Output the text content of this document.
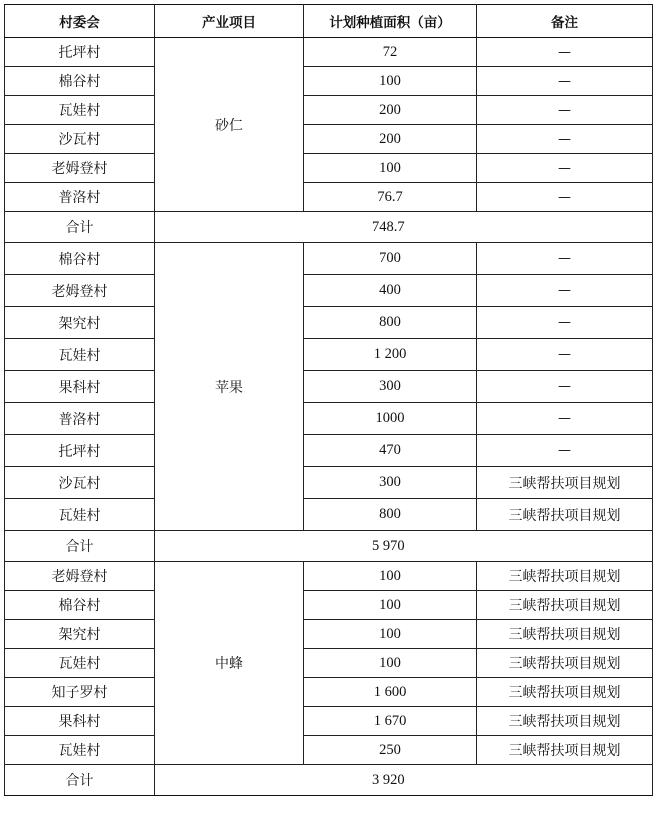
村委会	产业项目	计划种植面积（亩）	备注
托坪村	砂仁	72	—
棉谷村		100	—
瓦娃村		200	—
沙瓦村		200	—
老姆登村		100	—
普洛村		76.7	—
合计	748.7		
棉谷村	苹果	700	—
老姆登村		400	—
架究村		800	—
瓦娃村		1 200	—
果科村		300	—
普洛村		1000	—
托坪村		470	—
沙瓦村		300	三峡帮扶项目规划
瓦娃村		800	三峡帮扶项目规划
合计	5 970		
老姆登村	中蜂	100	三峡帮扶项目规划
棉谷村		100	三峡帮扶项目规划
架究村		100	三峡帮扶项目规划
瓦娃村		100	三峡帮扶项目规划
知子罗村		1 600	三峡帮扶项目规划
果科村		1 670	三峡帮扶项目规划
瓦娃村		250	三峡帮扶项目规划
合计	3 920		
